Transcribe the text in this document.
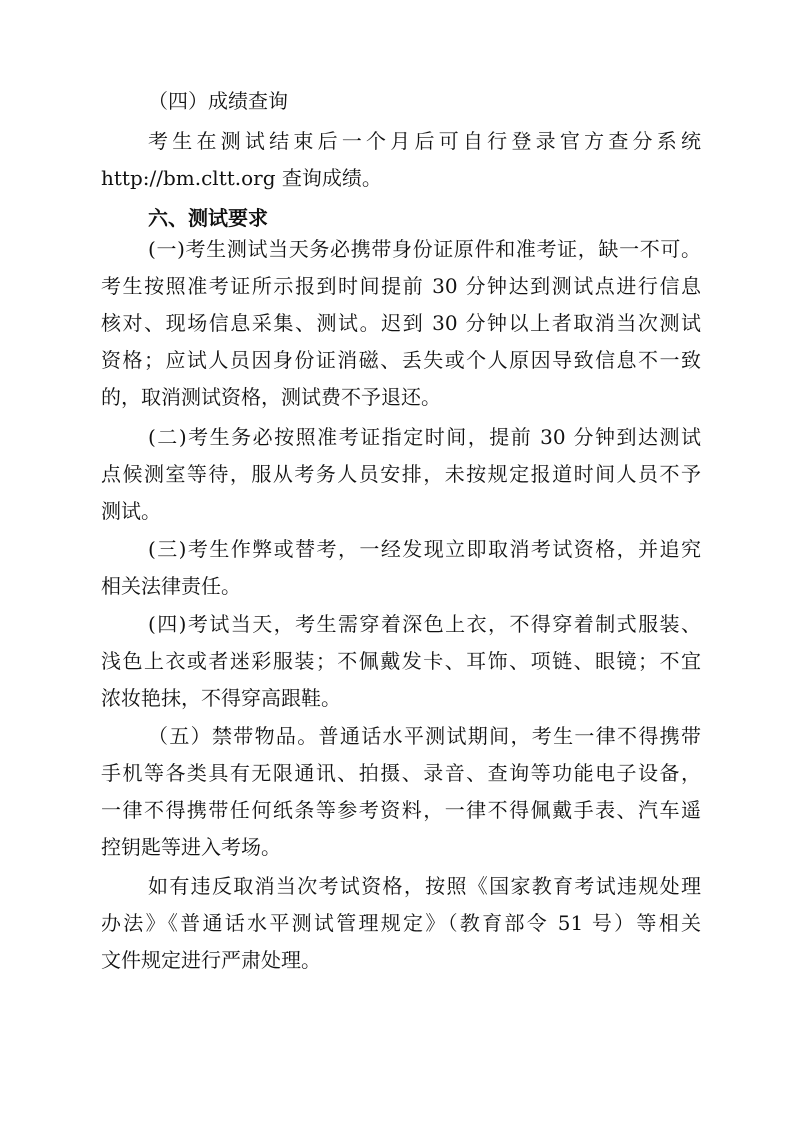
（四）成绩查询
考生在测试结束后一个月后可自行登录官方查分系统
http://bm.cltt.org 查询成绩。
六、测试要求
(一)考生测试当天务必携带身份证原件和准考证，缺一不可。
考生按照准考证所示报到时间提前 30 分钟达到测试点进行信息
核对、现场信息采集、测试。迟到 30 分钟以上者取消当次测试
资格；应试人员因身份证消磁、丢失或个人原因导致信息不一致
的，取消测试资格，测试费不予退还。
(二)考生务必按照准考证指定时间，提前 30 分钟到达测试
点候测室等待，服从考务人员安排，未按规定报道时间人员不予
测试。
(三)考生作弊或替考，一经发现立即取消考试资格，并追究
相关法律责任。
(四)考试当天，考生需穿着深色上衣，不得穿着制式服装、
浅色上衣或者迷彩服装；不佩戴发卡、耳饰、项链、眼镜；不宜
浓妆艳抹，不得穿高跟鞋。
（五）禁带物品。普通话水平测试期间，考生一律不得携带
手机等各类具有无限通讯、拍摄、录音、查询等功能电子设备，
一律不得携带任何纸条等参考资料，一律不得佩戴手表、汽车遥
控钥匙等进入考场。
如有违反取消当次考试资格，按照《国家教育考试违规处理
办法》《普通话水平测试管理规定》（教育部令 51 号）等相关
文件规定进行严肃处理。
